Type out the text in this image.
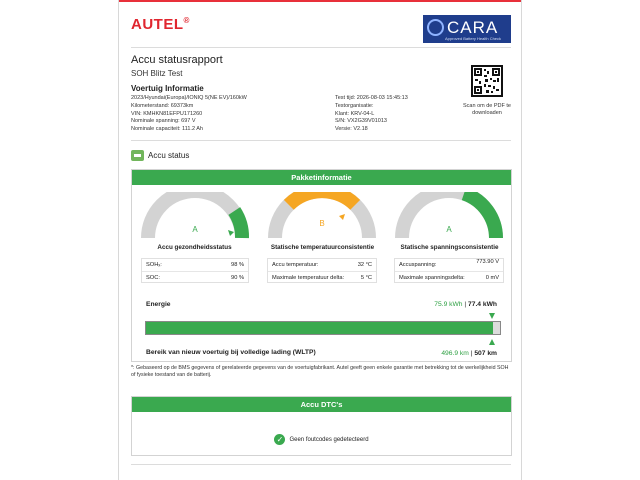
AUTEL®	CARA
Approved Battery Health Check
Accu statusrapport
SOH Blitz Test
Voertuig Informatie
2023/Hyundai(Europa)/IONIQ 5(NE EV)/160kW
Kilometerstand: 69373km
VIN: KMHKN81EFPU171260
Nominale spanning: 697 V
Nominale capaciteit: 111.2 Ah
Test tijd: 2026-08-03 15:45:13
Testorganisatie:
Klant: KRV-04-L
S/N: VX2G39V01013
Versie: V2.18
Scan om de PDF te downloaden
Accu status
Pakketinformatie
A
Accu gezondheidsstatus
SOHₓ:	98 %
SOC:	90 %
B
Statische temperatuurconsistentie
Accu temperatuur:	32 °C
Maximale temperatuur delta:	5 °C
A
Statische spanningsconsistentie
Accuspanning:	773.90 V
Maximale spanningsdelta:	0 mV
Energie	75.9 kWh | 77.4 kWh
Bereik van nieuw voertuig bij volledige lading (WLTP)	496.9 km | 507 km
*: Gebaseerd op de BMS gegevens of gerelateerde gegevens van de voertuigfabrikant. Autel geeft geen enkele garantie met betrekking tot de werkelijkheid SOH of fysieke toestand van de batterij.
Accu DTC's
✓ Geen foutcodes gedetecteerd
